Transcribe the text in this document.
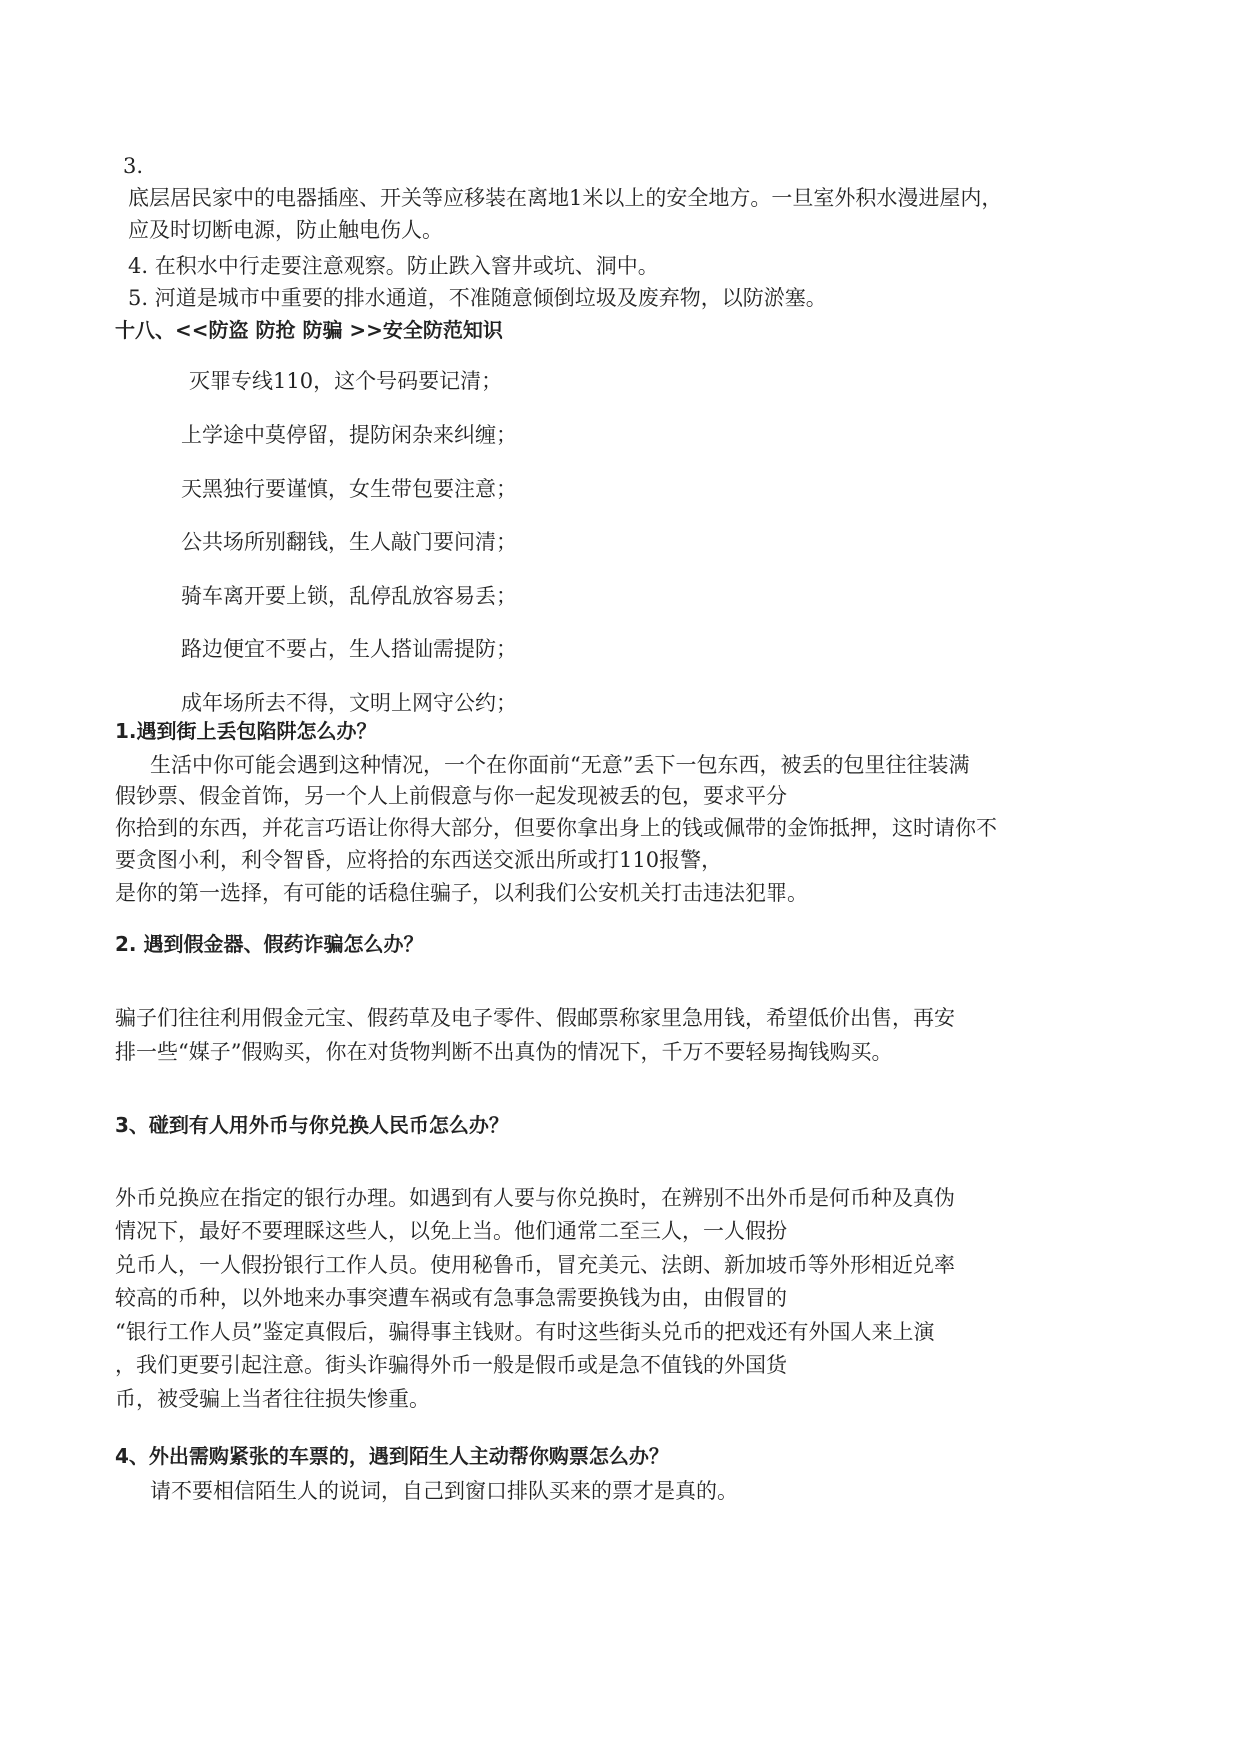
3.
底层居民家中的电器插座、开关等应移装在离地1米以上的安全地方。一旦室外积水漫进屋内，
应及时切断电源，防止触电伤人。
4. 在积水中行走要注意观察。防止跌入窨井或坑、洞中。
5. 河道是城市中重要的排水通道，不准随意倾倒垃圾及废弃物，以防淤塞。
十八、<<防盗 防抢 防骗 >>安全防范知识
灭罪专线110，这个号码要记清；
上学途中莫停留，提防闲杂来纠缠；
天黑独行要谨慎，女生带包要注意；
公共场所别翻钱，生人敲门要问清；
骑车离开要上锁，乱停乱放容易丢；
路边便宜不要占，生人搭讪需提防；
成年场所去不得，文明上网守公约；
1.遇到街上丢包陷阱怎么办？
生活中你可能会遇到这种情况，一个在你面前“无意”丢下一包东西，被丢的包里往往装满
假钞票、假金首饰，另一个人上前假意与你一起发现被丢的包，要求平分
你拾到的东西，并花言巧语让你得大部分，但要你拿出身上的钱或佩带的金饰抵押，这时请你不
要贪图小利，利令智昏，应将拾的东西送交派出所或打110报警，
是你的第一选择，有可能的话稳住骗子，以利我们公安机关打击违法犯罪。
2. 遇到假金器、假药诈骗怎么办？
骗子们往往利用假金元宝、假药草及电子零件、假邮票称家里急用钱，希望低价出售，再安
排一些“媒子”假购买，你在对货物判断不出真伪的情况下，千万不要轻易掏钱购买。
3、碰到有人用外币与你兑换人民币怎么办？
外币兑换应在指定的银行办理。如遇到有人要与你兑换时，在辨别不出外币是何币种及真伪
情况下，最好不要理睬这些人，以免上当。他们通常二至三人，一人假扮
兑币人，一人假扮银行工作人员。使用秘鲁币，冒充美元、法朗、新加坡币等外形相近兑率
较高的币种，以外地来办事突遭车祸或有急事急需要换钱为由，由假冒的
“银行工作人员”鉴定真假后，骗得事主钱财。有时这些街头兑币的把戏还有外国人来上演
，我们更要引起注意。街头诈骗得外币一般是假币或是急不值钱的外国货
币，被受骗上当者往往损失惨重。
4、外出需购紧张的车票的，遇到陌生人主动帮你购票怎么办？
请不要相信陌生人的说词，自己到窗口排队买来的票才是真的。
